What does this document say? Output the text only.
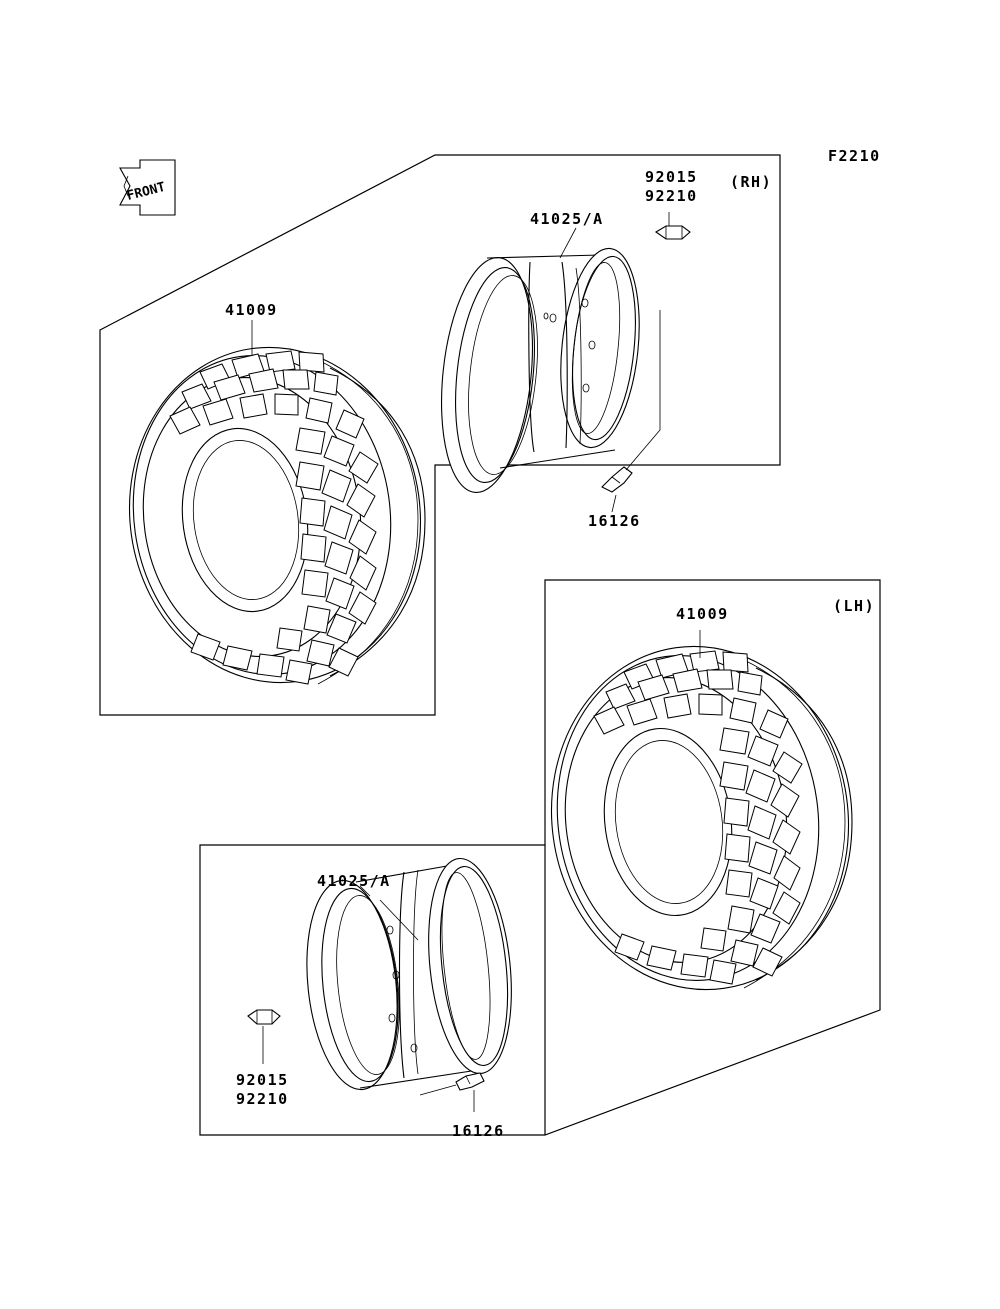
FRONT
F2210
92015
92210
(RH)
41025/A
41009
16126
(LH)
41009
41025/A
92015
92210
16126
